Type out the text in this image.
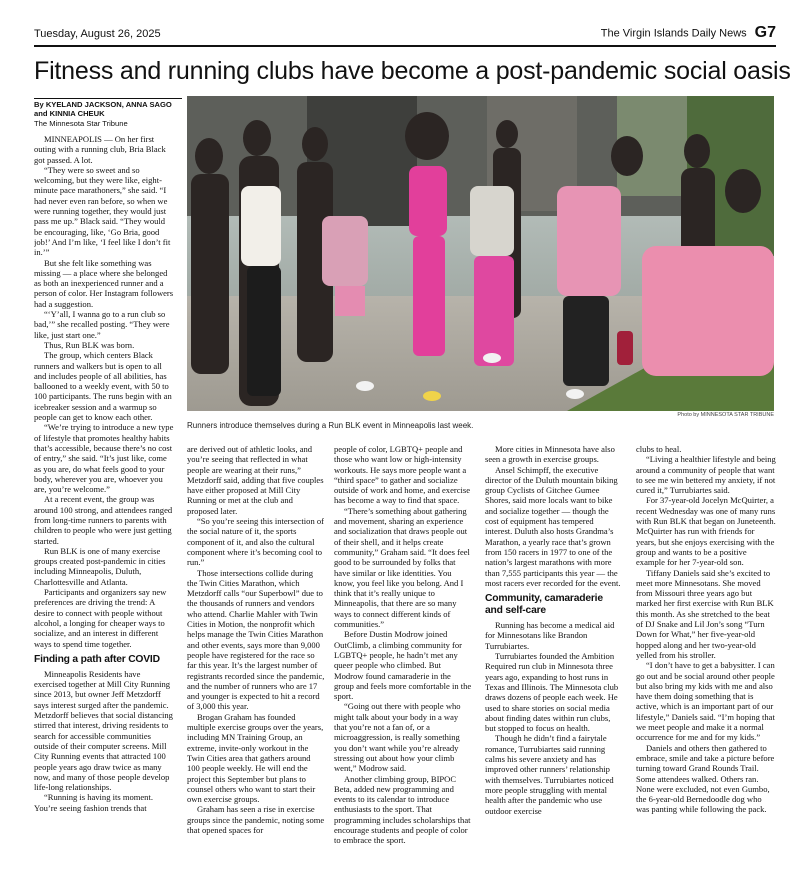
Tuesday, August 26, 2025	The Virgin Islands Daily News G7
Fitness and running clubs have become a post-pandemic social oasis
By KYELAND JACKSON, ANNA SAGO and KINNIA CHEUK
The Minnesota Star Tribune
Photo by MINNESOTA STAR TRIBUNE
Runners introduce themselves during a Run BLK event in Minneapolis last week.

MINNEAPOLIS — On her first outing with a running club, Bria Black got passed. A lot.

“They were so sweet and so welcoming, but they were like, eight-minute pace marathoners,” she said. “I had never even ran before, so when we were running together, they would just pass me up.” Black said. “They would be encouraging, like, ‘Go Bria, good job!’ And I’m like, ‘I feel like I don’t fit in.’”

But she felt like something was missing — a place where she belonged as both an inexperienced runner and a person of color. Her Instagram followers had a suggestion.

“‘Y’all, I wanna go to a run club so bad,’” she recalled posting. “They were like, just start one.”

Thus, Run BLK was born.

The group, which centers Black runners and walkers but is open to all and includes people of all abilities, has ballooned to a weekly event, with 50 to 100 participants. The runs begin with an icebreaker session and a warmup so people can get to know each other.

“We’re trying to introduce a new type of lifestyle that promotes healthy habits that’s accessible, because there’s no cost of entry,” she said. “It’s just like, come as you are, do what feels good to your body, wherever you are, whoever you are, you’re welcome.”

At a recent event, the group was around 100 strong, and attendees ranged from long-time runners to parents with children to people who were just getting started.

Run BLK is one of many exercise groups created post-pandemic in cities including Minneapolis, Duluth, Charlottesville and Atlanta.

Participants and organizers say new preferences are driving the trend: A desire to connect with people without alcohol, a longing for cheaper ways to socialize, and an interest in different ways to spend time together.

Finding a path after COVID

Minneapolis Residents have exercised together at Mill City Running since 2013, but owner Jeff Metzdorff says interest surged after the pandemic. Metzdorff believes that social distancing stirred that interest, driving residents to search for accessible communities outside of their computer screens. Mill City Running events that attracted 100 people years ago draw twice as many now, and many of those people develop life-long relationships.

“Running is having its moment. You’re seeing fashion trends that

are derived out of athletic looks, and you’re seeing that reflected in what people are wearing at their runs,” Metzdorff said, adding that five couples have either proposed at Mill City Running or met at the club and proposed later.

“So you’re seeing this intersection of the social nature of it, the sports component of it, and also the cultural component where it’s becoming cool to run.”

Those intersections collide during the Twin Cities Marathon, which Metzdorff calls “our Superbowl” due to the thousands of runners and vendors who attend. Charlie Mahler with Twin Cities in Motion, the nonprofit which helps manage the Twin Cities Marathon and other events, says more than 9,000 people have registered for the race so far this year. It’s the largest number of registrants recorded since the pandemic, and the number of runners who are 17 and younger is expected to hit a record of 3,000 this year.

Brogan Graham has founded multiple exercise groups over the years, including MN Training Group, an extreme, invite-only workout in the Twin Cities area that gathers around 100 people weekly. He will end the project this September but plans to counsel others who want to start their own exercise groups.

Graham has seen a rise in exercise groups since the pandemic, noting some that opened spaces for

people of color, LGBTQ+ people and those who want low or high-intensity workouts. He says more people want a “third space” to gather and socialize outside of work and home, and exercise has become a way to find that space.

“There’s something about gathering and movement, sharing an experience and socialization that draws people out of their shell, and it helps create community,” Graham said. “It does feel good to be surrounded by folks that have similar or like identities. You know, you feel like you belong. And I think that it’s really unique to Minneapolis, that there are so many ways to connect different kinds of communities.”

Before Dustin Modrow joined OutClimb, a climbing community for LGBTQ+ people, he hadn’t met any queer people who climbed. But Modrow found camaraderie in the group and feels more comfortable in the sport.

“Going out there with people who might talk about your body in a way that you’re not a fan of, or a microaggression, is really something you don’t want while you’re already stressing out about how your climb went,” Modrow said.

Another climbing group, BIPOC Beta, added new programming and events to its calendar to introduce enthusiasts to the sport. That programming includes scholarships that encourage students and people of color to embrace the sport.

More cities in Minnesota have also seen a growth in exercise groups.

Ansel Schimpff, the executive director of the Duluth mountain biking group Cyclists of Gitchee Gumee Shores, said more locals want to bike and socialize together — though the cost of equipment has tempered interest. Duluth also hosts Grandma’s Marathon, a yearly race that’s grown from 150 racers in 1977 to one of the nation’s largest marathons with more than 7,555 participants this year — the most racers ever recorded for the event.

Community, camaraderie and self-care

Running has become a medical aid for Minnesotans like Brandon Turrubiartes.

Turrubiartes founded the Ambition Required run club in Minnesota three years ago, expanding to host runs in Texas and Illinois. The Minnesota club draws dozens of people each week. He used to share stories on social media about finding dates within run clubs, but stopped to focus on health.

Though he didn’t find a fairytale romance, Turrubiartes said running calms his severe anxiety and has improved other runners’ relationship with themselves. Turrubiartes noticed more people struggling with mental health after the pandemic who use outdoor exercise

clubs to heal.

“Living a healthier lifestyle and being around a community of people that want to see me win bettered my anxiety, if not cured it,” Turrubiartes said.

For 37-year-old Jocelyn McQuirter, a recent Wednesday was one of many runs with Run BLK that began on Juneteenth. McQuirter has run with friends for years, but she enjoys exercising with the group and wants to be a positive example for her 7-year-old son.

Tiffany Daniels said she’s excited to meet more Minnesotans. She moved from Missouri three years ago but marked her first exercise with Run BLK this month. As she stretched to the beat of DJ Snake and Lil Jon’s song “Turn Down for What,” her five-year-old hopped along and her two-year-old yelled from his stroller.

“I don’t have to get a babysitter. I can go out and be social around other people but also bring my kids with me and also have them doing something that is active, which is an important part of our lifestyle,” Daniels said. “I’m hoping that we meet people and make it a normal occurrence for me and for my kids.”

Daniels and others then gathered to embrace, smile and take a picture before turning toward Grand Rounds Trail. Some attendees walked. Others ran. None were excluded, not even Gumbo, the 6-year-old Bernedoodle dog who was panting while following the pack.
